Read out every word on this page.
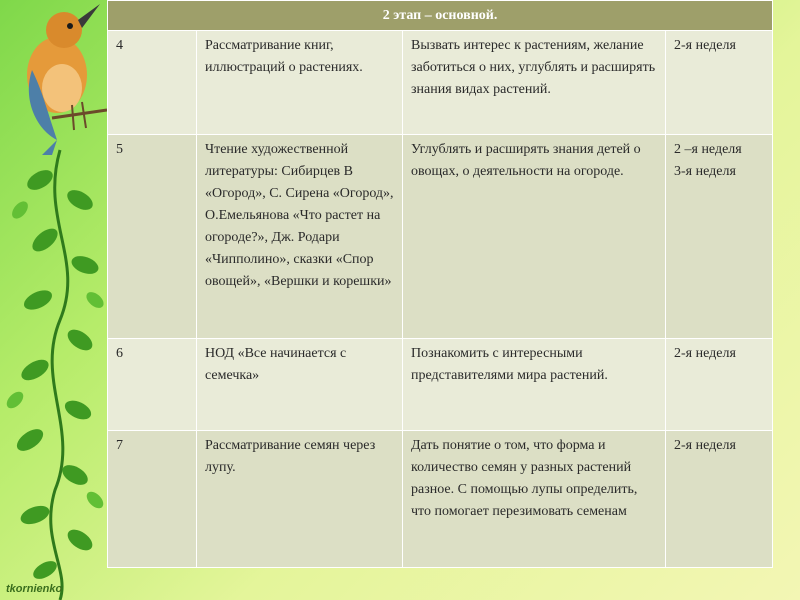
2 этап – основной.			
4	Рассматривание книг, иллюстраций о растениях.	Вызвать интерес к растениям, желание заботиться о них, углублять и расширять знания видах растений.	2-я неделя
5	Чтение художественной литературы: Сибирцев В «Огород», С. Сирена «Огород», О.Емельянова «Что растет на огороде?», Дж. Родари «Чипполино», сказки «Спор овощей», «Вершки и корешки»	Углублять и расширять знания детей о овощах, о деятельности на огороде.	2 –я неделя
3-я неделя
6	НОД «Все начинается с семечка»	Познакомить с интересными представителями мира растений.	2-я неделя
7	Рассматривание семян через лупу.	Дать понятие о том, что форма и количество семян у разных растений разное. С помощью лупы определить, что помогает перезимовать семенам	2-я неделя
tkornienko
